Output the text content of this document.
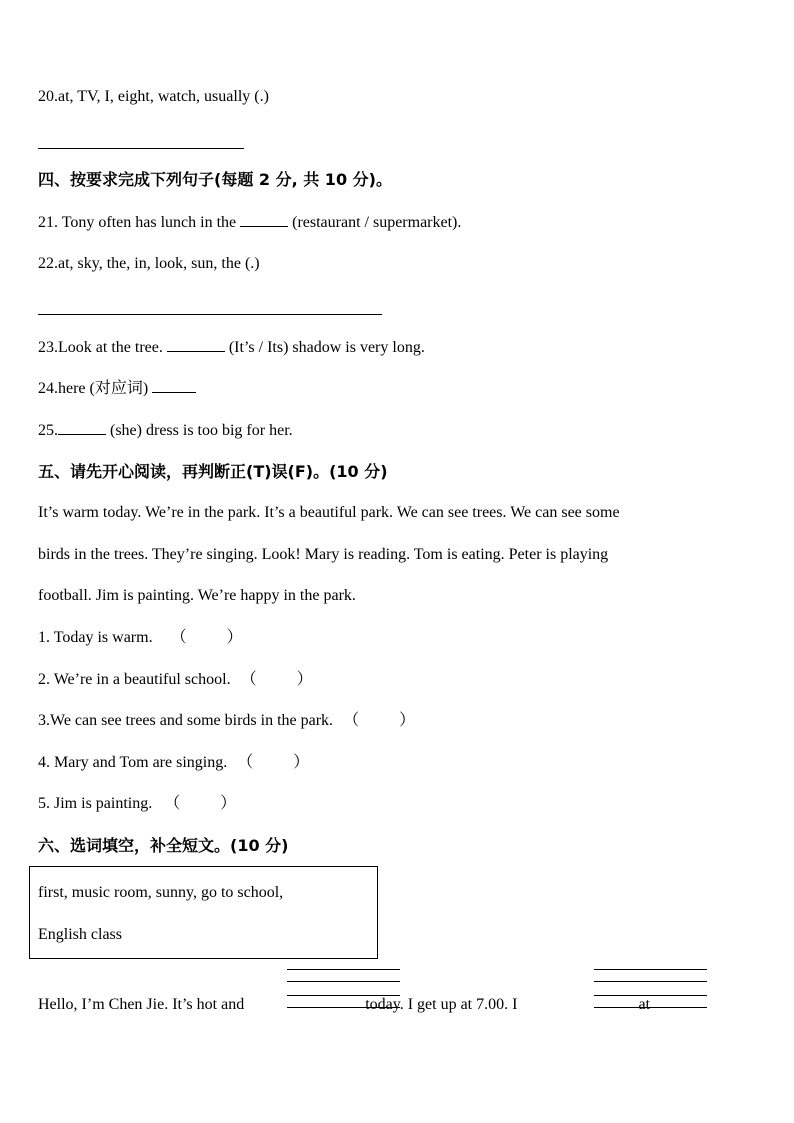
20.at, TV, I, eight, watch, usually (.)
四、按要求完成下列句子(每题 2 分, 共 10 分)。
21. Tony often has lunch in the	(restaurant / supermarket).
22.at, sky, the, in, look, sun, the (.)
23.Look at the tree.	(It’s / Its) shadow is very long.
24.here (对应词)
25.	(she) dress is too big for her.
五、请先开心阅读，再判断正(T)误(F)。(10 分)
It’s warm today. We’re in the park. It’s a beautiful park. We can see trees. We can see some
birds in the trees. They’re singing. Look! Mary is reading. Tom is eating. Peter is playing
football. Jim is painting. We’re happy in the park.
1. Today is warm. （          ）
2. We’re in a beautiful school. （          ）
3.We can see trees and some birds in the park. （          ）
4. Mary and Tom are singing. （          ）
5. Jim is painting. （          ）
六、选词填空，补全短文。(10 分)
first, music room, sunny, go to school,
English class
Hello, I’m Chen Jie. It’s hot and	today. I get up at 7.00. I	at
